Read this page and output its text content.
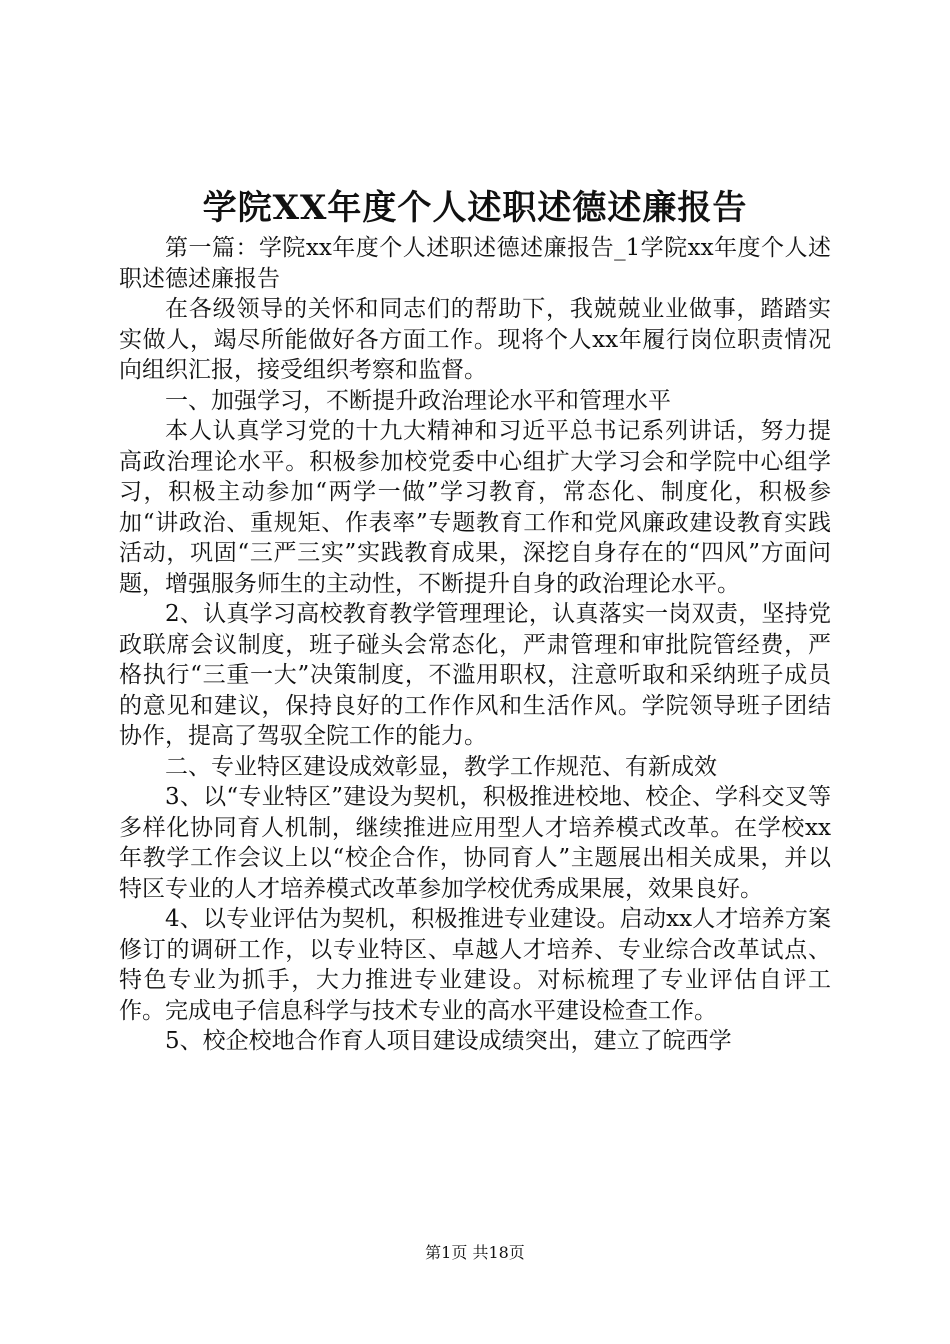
学院XX年度个人述职述德述廉报告

第一篇：学院xx年度个人述职述德述廉报告_1学院xx年度个人述职述德述廉报告

在各级领导的关怀和同志们的帮助下，我兢兢业业做事，踏踏实实做人，竭尽所能做好各方面工作。现将个人xx年履行岗位职责情况向组织汇报，接受组织考察和监督。

一、加强学习，不断提升政治理论水平和管理水平

本人认真学习党的十九大精神和习近平总书记系列讲话，努力提高政治理论水平。积极参加校党委中心组扩大学习会和学院中心组学习，积极主动参加“两学一做”学习教育，常态化、制度化，积极参加“讲政治、重规矩、作表率”专题教育工作和党风廉政建设教育实践活动，巩固“三严三实”实践教育成果，深挖自身存在的“四风”方面问题，增强服务师生的主动性，不断提升自身的政治理论水平。

2、认真学习高校教育教学管理理论，认真落实一岗双责，坚持党政联席会议制度，班子碰头会常态化，严肃管理和审批院管经费，严格执行“三重一大”决策制度，不滥用职权，注意听取和采纳班子成员的意见和建议，保持良好的工作作风和生活作风。学院领导班子团结协作，提高了驾驭全院工作的能力。

二、专业特区建设成效彰显，教学工作规范、有新成效

3、以“专业特区”建设为契机，积极推进校地、校企、学科交叉等多样化协同育人机制，继续推进应用型人才培养模式改革。在学校xx年教学工作会议上以“校企合作，协同育人”主题展出相关成果，并以特区专业的人才培养模式改革参加学校优秀成果展，效果良好。

4、以专业评估为契机，积极推进专业建设。启动xx人才培养方案修订的调研工作，以专业特区、卓越人才培养、专业综合改革试点、特色专业为抓手，大力推进专业建设。对标梳理了专业评估自评工作。完成电子信息科学与技术专业的高水平建设检查工作。

5、校企校地合作育人项目建设成绩突出，建立了皖西学

第1页 共18页
